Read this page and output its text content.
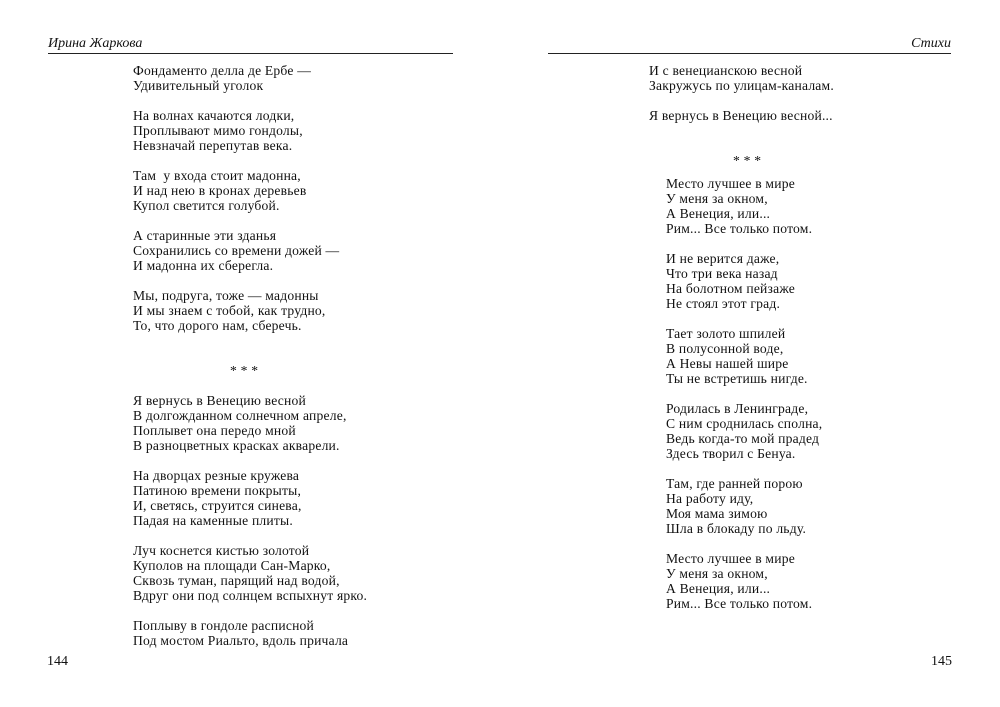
Ирина Жаркова
Фондаменто делла де Ербе —
Удивительный уголок
На волнах качаются лодки,
Проплывают мимо гондолы,
Невзначай перепутав века.
Там  у входа стоит мадонна,
И над нею в кронах деревьев
Купол светится голубой.
А старинные эти зданья
Сохранились со времени дожей —
И мадонна их сберегла.
Мы, подруга, тоже — мадонны
И мы знаем с тобой, как трудно,
То, что дорого нам, сберечь.
* * *
Я вернусь в Венецию весной
В долгожданном солнечном апреле,
Поплывет она передо мной
В разноцветных красках акварели.
На дворцах резные кружева
Патиною времени покрыты,
И, светясь, струится синева,
Падая на каменные плиты.
Луч коснется кистью золотой
Куполов на площади Сан-Марко,
Сквозь туман, парящий над водой,
Вдруг они под солнцем вспыхнут ярко.
Поплыву в гондоле расписной
Под мостом Риальто, вдоль причала
144
Стихи
И с венецианскою весной
Закружусь по улицам-каналам.
Я вернусь в Венецию весной...
* * *
Место лучшее в мире
У меня за окном,
А Венеция, или...
Рим... Все только потом.
И не верится даже,
Что три века назад
На болотном пейзаже
Не стоял этот град.
Тает золото шпилей
В полусонной воде,
А Невы нашей шире
Ты не встретишь нигде.
Родилась в Ленинграде,
С ним сроднилась сполна,
Ведь когда-то мой прадед
Здесь творил с Бенуа.
Там, где ранней порою
На работу иду,
Моя мама зимою
Шла в блокаду по льду.
Место лучшее в мире
У меня за окном,
А Венеция, или...
Рим... Все только потом.
145
